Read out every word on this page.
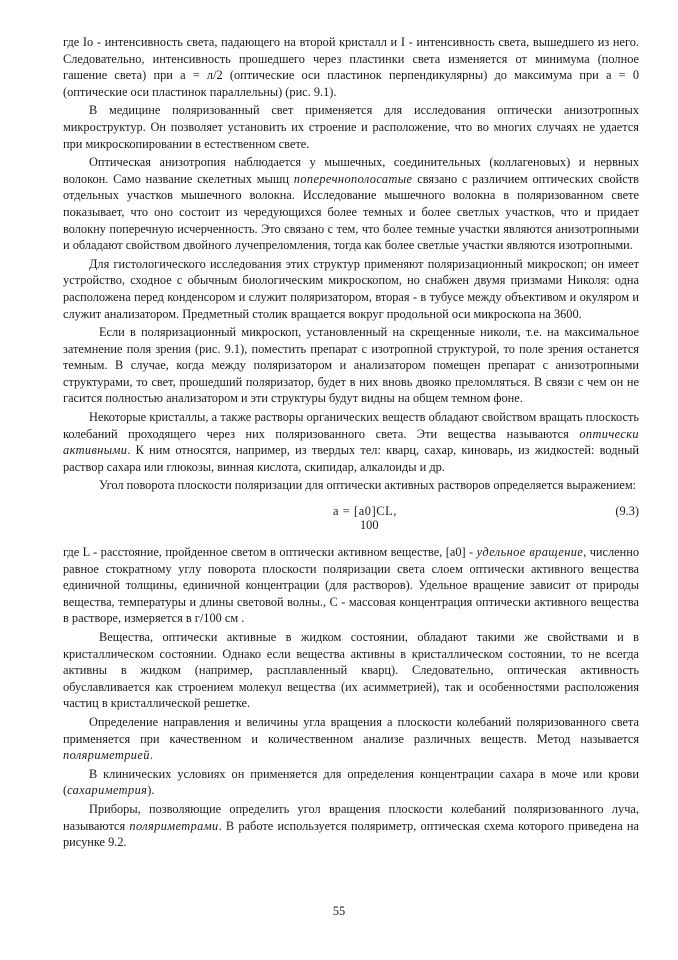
где Io - интенсивность света, падающего на второй кристалл и I - интенсивность света, вышедшего из него. Следовательно, интенсивность прошедшего через пластинки света изменяется от минимума (полное гашение света) при a = л/2 (оптические оси пластинок перпендикулярны) до максимума при a = 0 (оптические оси пластинок параллельны) (рис. 9.1).

В медицине поляризованный свет применяется для исследования оптически анизотропных микроструктур. Он позволяет установить их строение и расположение, что во многих случаях не удается при микроскопировании в естественном свете.

Оптическая анизотропия наблюдается у мышечных, соединительных (коллагеновых) и нервных волокон. Само название скелетных мышц поперечнополосатые связано с различием оптических свойств отдельных участков мышечного волокна. Исследование мышечного волокна в поляризованном свете показывает, что оно состоит из чередующихся более темных и более светлых участков, что и придает волокну поперечную исчерченность. Это связано с тем, что более темные участки являются анизотропными и обладают свойством двойного лучепреломления, тогда как более светлые участки являются изотропными.

Для гистологического исследования этих структур применяют поляризационный микроскоп; он имеет устройство, сходное с обычным биологическим микроскопом, но снабжен двумя призмами Николя: одна расположена перед конденсором и служит поляризатором, вторая - в тубусе между объективом и окуляром и служит анализатором. Предметный столик вращается вокруг продольной оси микроскопа на 3600.

Если в поляризационный микроскоп, установленный на скрещенные николи, т.е. на максимальное затемнение поля зрения (рис. 9.1), поместить препарат с изотропной структурой, то поле зрения останется темным. В случае, когда между поляризатором и анализатором помещен препарат с анизотропными структурами, то свет, прошедший поляризатор, будет в них вновь двояко преломляться. В связи с чем он не гасится полностью анализатором и эти структуры будут видны на общем темном фоне.

Некоторые кристаллы, а также растворы органических веществ обладают свойством вращать плоскость колебаний проходящего через них поляризованного света. Эти вещества называются оптически активными. К ним относятся, например, из твердых тел: кварц, сахар, киноварь, из жидкостей: водный раствор сахара или глюкозы, винная кислота, скипидар, алкалоиды и др.

Угол поворота плоскости поляризации для оптически активных растворов определяется выражением:

a = [a0]CL,
100
(9.3)

где L - расстояние, пройденное светом в оптически активном веществе, [a0] - удельное вращение, численно равное стократному углу поворота плоскости поляризации света слоем оптически активного вещества единичной толщины, единичной концентрации (для растворов). Удельное вращение зависит от природы вещества, температуры и длины световой волны., C - массовая концентрация оптически активного вещества в растворе, измеряется в г/100 см .

Вещества, оптически активные в жидком состоянии, обладают такими же свойствами и в кристаллическом состоянии. Однако если вещества активны в кристаллическом состоянии, то не всегда активны в жидком (например, расплавленный кварц). Следовательно, оптическая активность обуславливается как строением молекул вещества (их асимметрией), так и особенностями расположения частиц в кристаллической решетке.

Определение направления и величины угла вращения a плоскости колебаний поляризованного света применяется при качественном и количественном анализе различных веществ. Метод называется поляриметрией.

В клинических условиях он применяется для определения концентрации сахара в моче или крови (сахариметрия).

Приборы, позволяющие определить угол вращения плоскости колебаний поляризованного луча, называются поляриметрами. В работе используется поляриметр, оптическая схема которого приведена на рисунке 9.2.

55
